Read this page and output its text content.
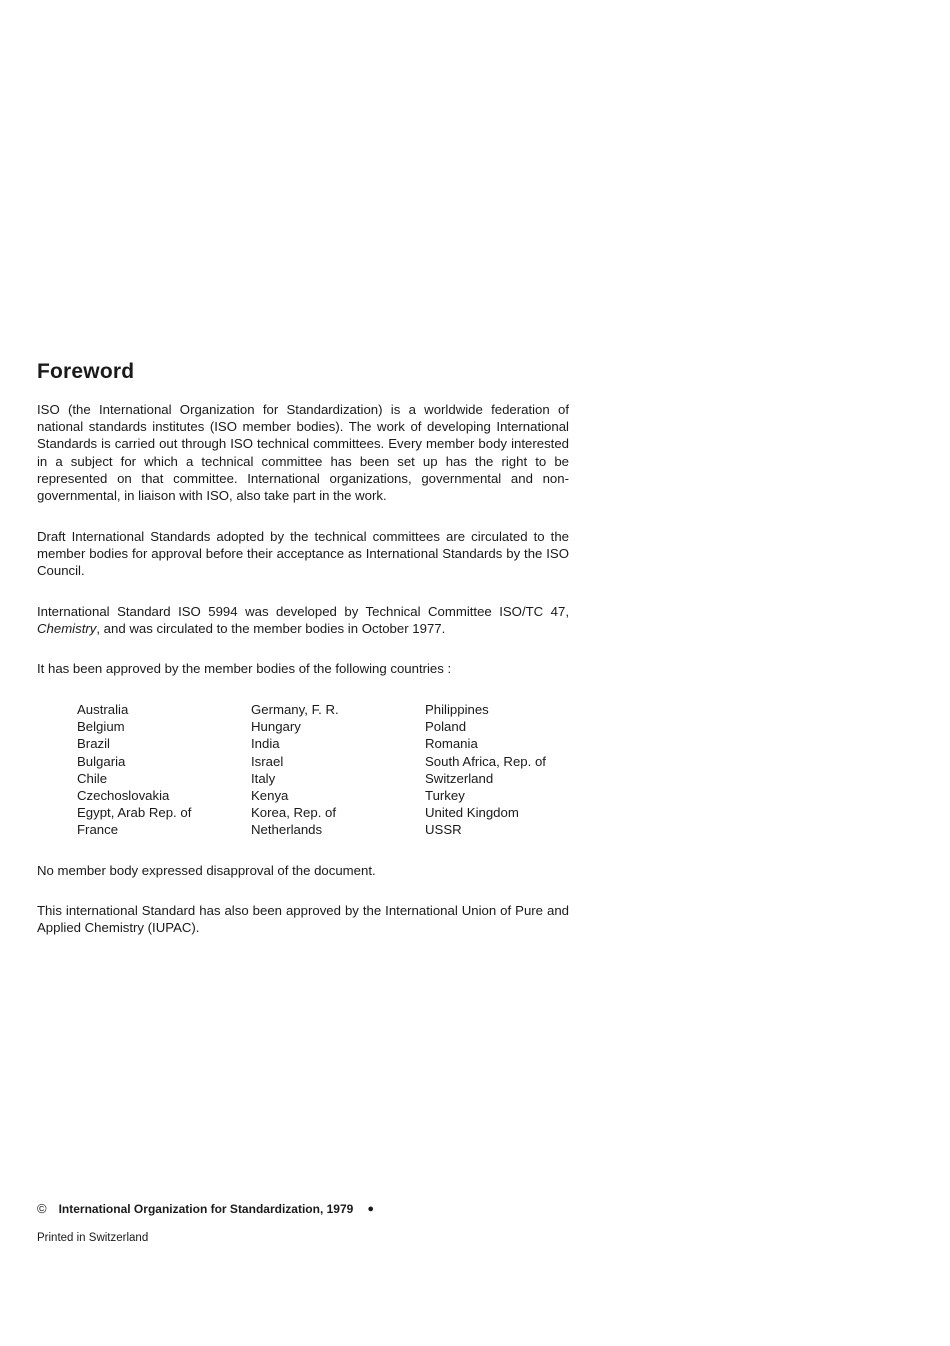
Foreword

ISO (the International Organization for Standardization) is a worldwide federation of national standards institutes (ISO member bodies). The work of developing International Standards is carried out through ISO technical committees. Every member body interested in a subject for which a technical committee has been set up has the right to be represented on that committee. International organizations, governmental and non-governmental, in liaison with ISO, also take part in the work.

Draft International Standards adopted by the technical committees are circulated to the member bodies for approval before their acceptance as International Standards by the ISO Council.

International Standard ISO 5994 was developed by Technical Committee ISO/TC 47, Chemistry, and was circulated to the member bodies in October 1977.

It has been approved by the member bodies of the following countries :

Australia
Belgium
Brazil
Bulgaria
Chile
Czechoslovakia
Egypt, Arab Rep. of
France
Germany, F. R.
Hungary
India
Israel
Italy
Kenya
Korea, Rep. of
Netherlands
Philippines
Poland
Romania
South Africa, Rep. of
Switzerland
Turkey
United Kingdom
USSR

No member body expressed disapproval of the document.

This international Standard has also been approved by the International Union of Pure and Applied Chemistry (IUPAC).

© International Organization for Standardization, 1979 ●
Printed in Switzerland
